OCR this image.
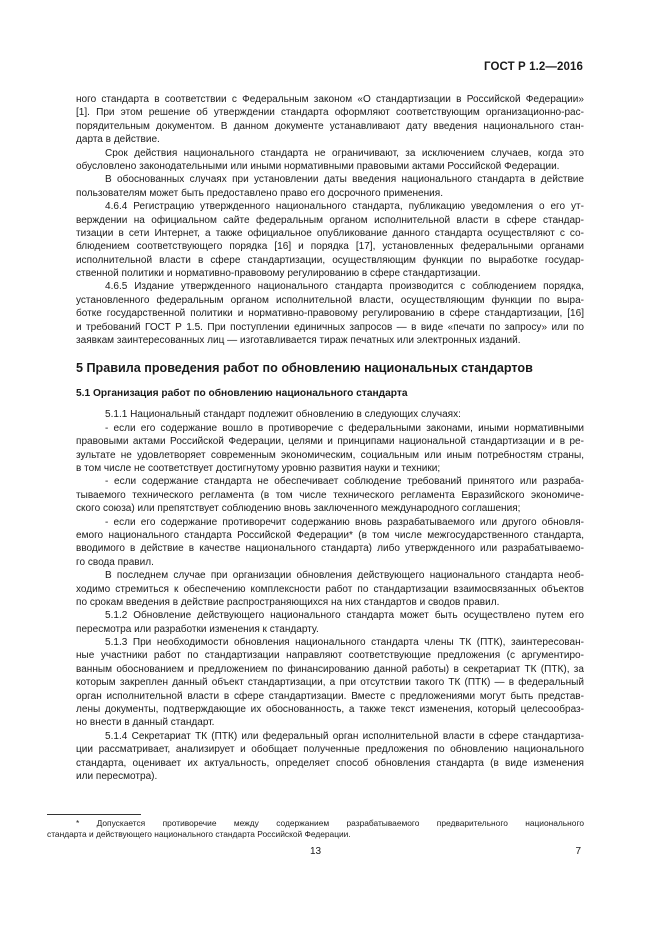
ГОСТ Р 1.2—2016
ного стандарта в соответствии с Федеральным законом «О стандартизации в Российской Федерации»
[1]. При этом решение об утверждении стандарта оформляют соответствующим организационно-рас-
порядительным документом. В данном документе устанавливают дату введения национального стан-
дарта в действие.
Срок действия национального стандарта не ограничивают, за исключением случаев, когда это
обусловлено законодательными или иными нормативными правовыми актами Российской Федерации.
В обоснованных случаях при установлении даты введения национального стандарта в действие
пользователям может быть предоставлено право его досрочного применения.
4.6.4 Регистрацию утвержденного национального стандарта, публикацию уведомления о его ут-
верждении на официальном сайте федеральным органом исполнительной власти в сфере стандар-
тизации в сети Интернет, а также официальное опубликование данного стандарта осуществляют с со-
блюдением соответствующего порядка [16] и порядка [17], установленных федеральными органами
исполнительной власти в сфере стандартизации, осуществляющим функции по выработке государ-
ственной политики и нормативно-правовому регулированию в сфере стандартизации.
4.6.5 Издание утвержденного национального стандарта производится с соблюдением порядка,
установленного федеральным органом исполнительной власти, осуществляющим функции по выра-
ботке государственной политики и нормативно-правовому регулированию в сфере стандартизации, [16]
и требований ГОСТ Р 1.5. При поступлении единичных запросов — в виде «печати по запросу» или по
заявкам заинтересованных лиц — изготавливается тираж печатных или электронных изданий.
5 Правила проведения работ по обновлению национальных стандартов
5.1 Организация работ по обновлению национального стандарта
5.1.1 Национальный стандарт подлежит обновлению в следующих случаях:
- если его содержание вошло в противоречие с федеральными законами, иными нормативными
правовыми актами Российской Федерации, целями и принципами национальной стандартизации и в ре-
зультате не удовлетворяет современным экономическим, социальным или иным потребностям страны,
в том числе не соответствует достигнутому уровню развития науки и техники;
- если содержание стандарта не обеспечивает соблюдение требований принятого или разраба-
тываемого технического регламента (в том числе технического регламента Евразийского экономиче-
ского союза) или препятствует соблюдению вновь заключенного международного соглашения;
- если его содержание противоречит содержанию вновь разрабатываемого или другого обновля-
емого национального стандарта Российской Федерации* (в том числе межгосударственного стандарта,
вводимого в действие в качестве национального стандарта) либо утвержденного или разрабатываемо-
го свода правил.
В последнем случае при организации обновления действующего национального стандарта необ-
ходимо стремиться к обеспечению комплексности работ по стандартизации взаимосвязанных объектов
по срокам введения в действие распространяющихся на них стандартов и сводов правил.
5.1.2 Обновление действующего национального стандарта может быть осуществлено путем его
пересмотра или разработки изменения к стандарту.
5.1.3 При необходимости обновления национального стандарта члены ТК (ПТК), заинтересован-
ные участники работ по стандартизации направляют соответствующие предложения (с аргументиро-
ванным обоснованием и предложением по финансированию данной работы) в секретариат ТК (ПТК), за
которым закреплен данный объект стандартизации, а при отсутствии такого ТК (ПТК) — в федеральный
орган исполнительной власти в сфере стандартизации. Вместе с предложениями могут быть представ-
лены документы, подтверждающие их обоснованность, а также текст изменения, который целесообраз-
но внести в данный стандарт.
5.1.4 Секретариат ТК (ПТК) или федеральный орган исполнительной власти в сфере стандартиза-
ции рассматривает, анализирует и обобщает полученные предложения по обновлению национального
стандарта, оценивает их актуальность, определяет способ обновления стандарта (в виде изменения
или пересмотра).
* Допускается противоречие между содержанием разрабатываемого предварительного национального
стандарта и действующего национального стандарта Российской Федерации.
13	7
